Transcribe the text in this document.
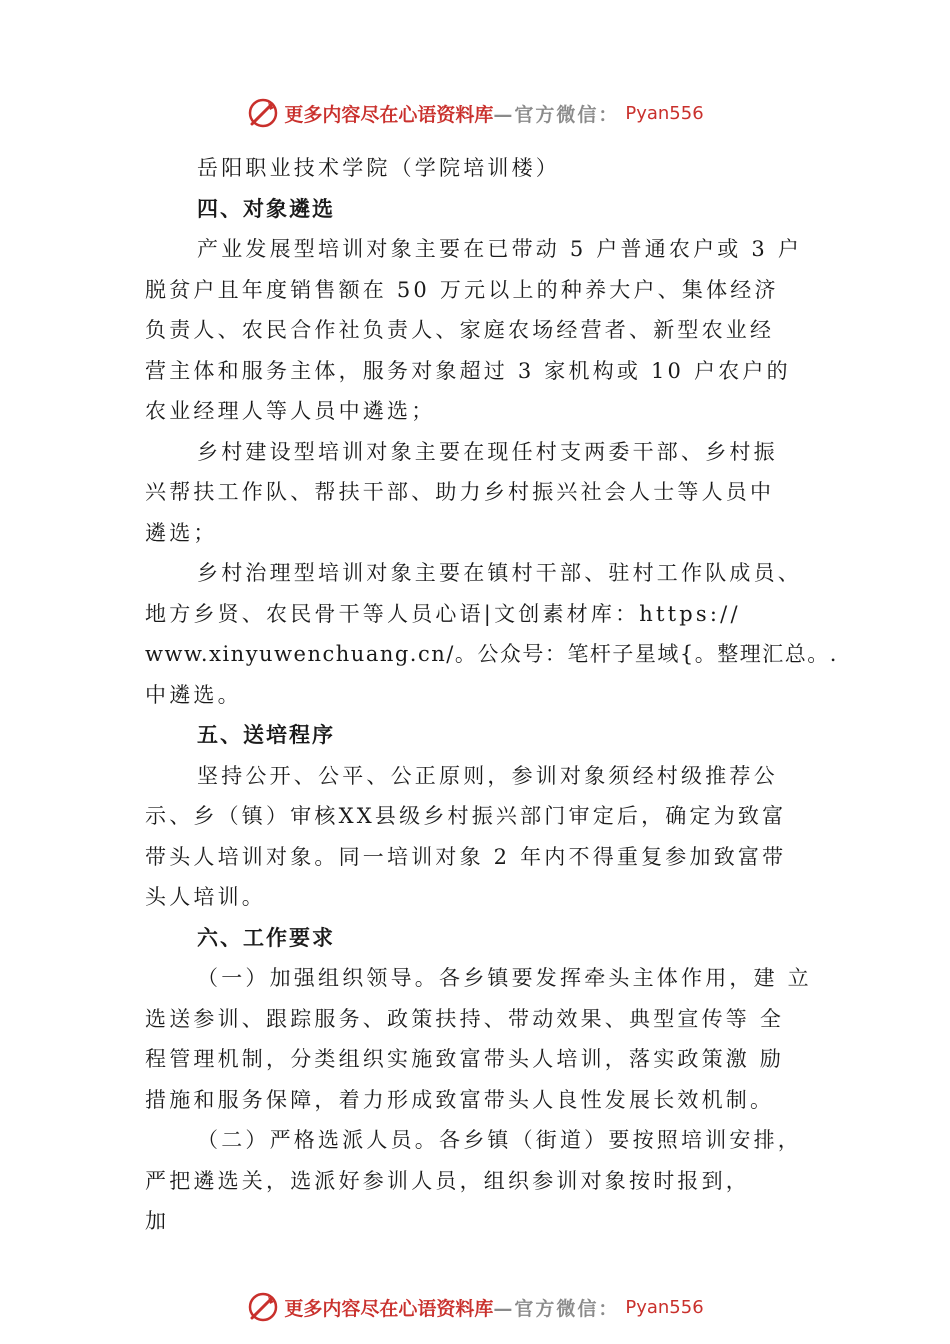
更多内容尽在心语资料库 —官方微信： Pyan556
岳阳职业技术学院（学院培训楼）
四、对象遴选
产业发展型培训对象主要在已带动 5 户普通农户或 3 户
脱贫户且年度销售额在 50 万元以上的种养大户、集体经济
负责人、农民合作社负责人、家庭农场经营者、新型农业经
营主体和服务主体，服务对象超过 3 家机构或 10 户农户的
农业经理人等人员中遴选；
乡村建设型培训对象主要在现任村支两委干部、乡村振
兴帮扶工作队、帮扶干部、助力乡村振兴社会人士等人员中
遴选；
乡村治理型培训对象主要在镇村干部、驻村工作队成员、
地方乡贤、农民骨干等人员心语|文创素材库：https://
www.xinyuwenchuang.cn/。公众号：笔杆子星域{。整理汇总。.
中遴选。
五、送培程序
坚持公开、公平、公正原则，参训对象须经村级推荐公
示、乡（镇）审核XX县级乡村振兴部门审定后，确定为致富
带头人培训对象。同一培训对象 2 年内不得重复参加致富带
头人培训。
六、工作要求
（一）加强组织领导。各乡镇要发挥牵头主体作用，建 立
选送参训、跟踪服务、政策扶持、带动效果、典型宣传等 全
程管理机制，分类组织实施致富带头人培训，落实政策激 励
措施和服务保障，着力形成致富带头人良性发展长效机制。
（二）严格选派人员。各乡镇（街道）要按照培训安排，
严把遴选关，选派好参训人员，组织参训对象按时报到，
加
更多内容尽在心语资料库 —官方微信： Pyan556
